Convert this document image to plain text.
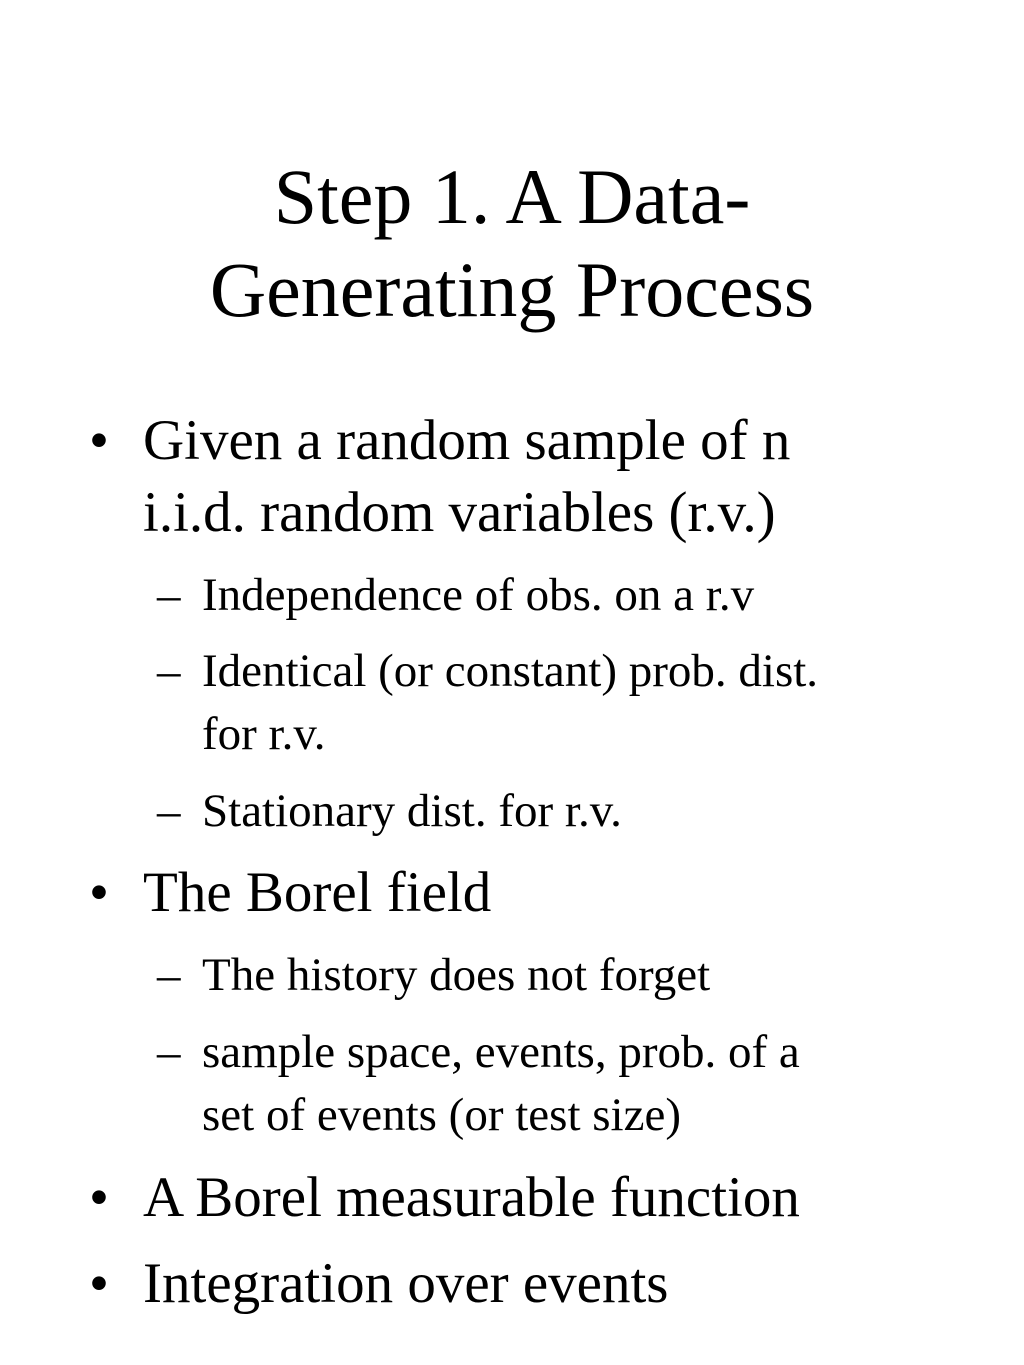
Step 1. A Data-
Generating Process
• Given a random sample of n
i.i.d. random variables (r.v.)
– Independence of obs. on a r.v
– Identical (or constant) prob. dist.
for r.v.
– Stationary dist. for r.v.
• The Borel field
– The history does not forget
– sample space, events, prob. of a
set of events (or test size)
• A Borel measurable function
• Integration over events
